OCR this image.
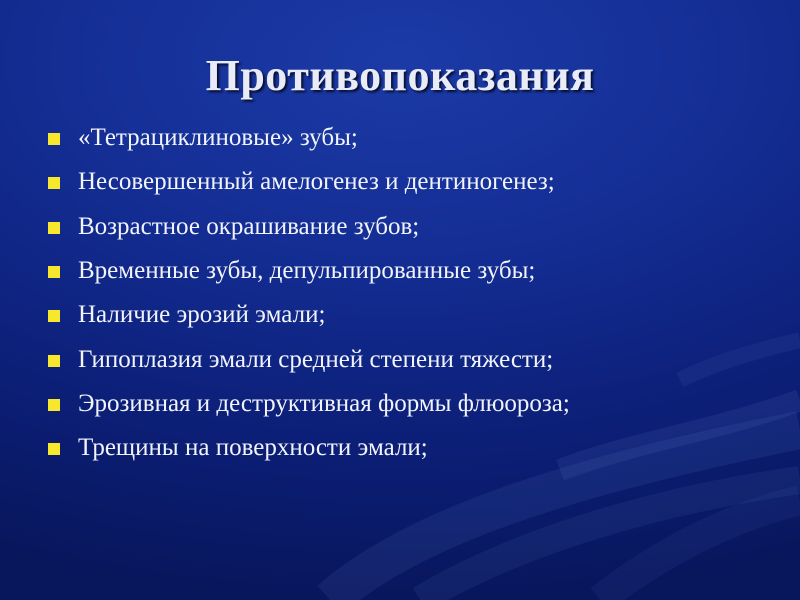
Противопоказания
«Тетрациклиновые» зубы;
Несовершенный амелогенез и дентиногенез;
Возрастное окрашивание зубов;
Временные зубы, депульпированные зубы;
Наличие эрозий эмали;
Гипоплазия эмали средней степени тяжести;
Эрозивная и деструктивная формы флюороза;
Трещины на поверхности эмали;
